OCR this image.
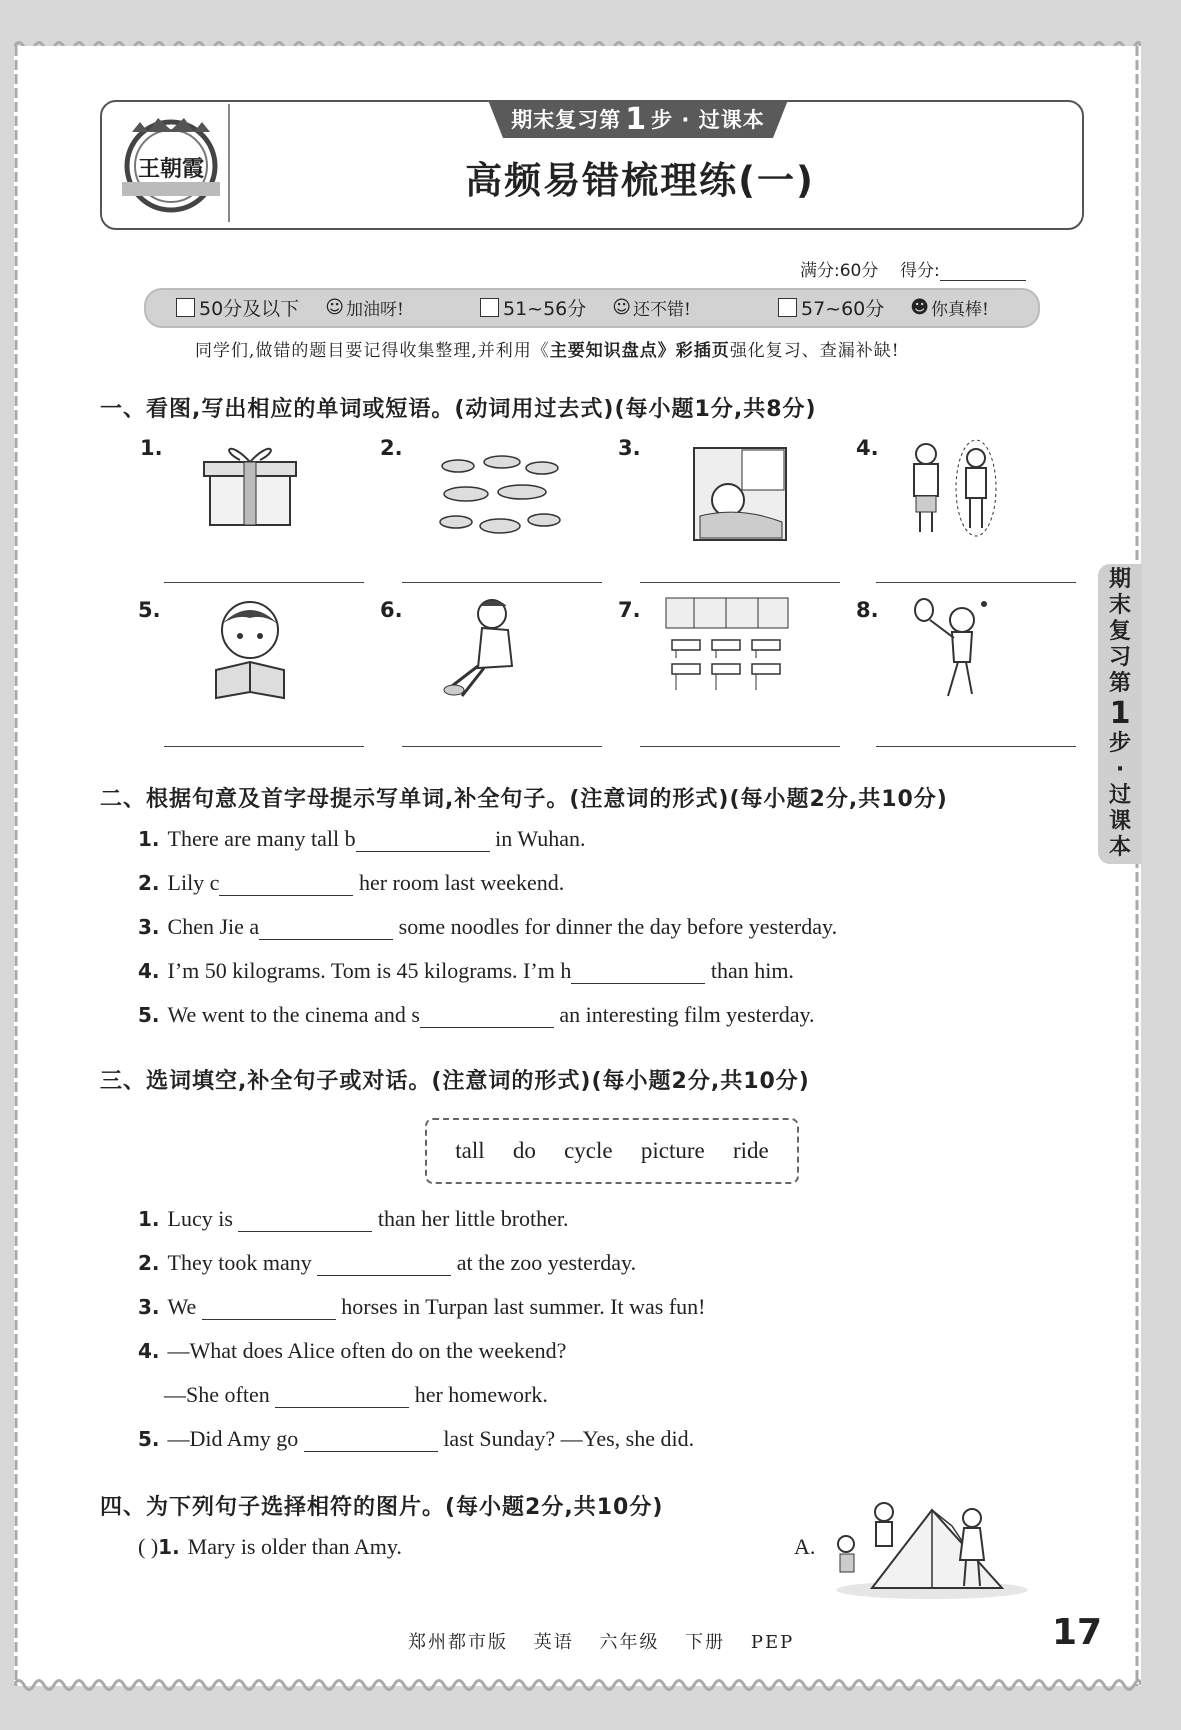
王朝霞
期末复习第 1 步 · 过课本
高频易错梳理练(一)
满分:60分 得分:
50分及以下 ☺ 加油呀!	51~56分 ☺ 还不错!	57~60分 ☻ 你真棒!
同学们,做错的题目要记得收集整理,并利用《主要知识盘点》彩插页强化复习、查漏补缺!
一、看图,写出相应的单词或短语。(动词用过去式)(每小题1分,共8分)
1.	2.	3.	4.
5.	6.	7.	8.
二、根据句意及首字母提示写单词,补全句子。(注意词的形式)(每小题2分,共10分)
1. There are many tall b	in Wuhan.
2. Lily c	her room last weekend.
3. Chen Jie a	some noodles for dinner the day before yesterday.
4. I’m 50 kilograms. Tom is 45 kilograms. I’m h	than him.
5. We went to the cinema and s	an interesting film yesterday.
三、选词填空,补全句子或对话。(注意词的形式)(每小题2分,共10分)
tall do cycle picture ride
1. Lucy is	than her little brother.
2. They took many	at the zoo yesterday.
3. We	horses in Turpan last summer. It was fun!
4. —What does Alice often do on the weekend?
—She often	her homework.
5. —Did Amy go	last Sunday? —Yes, she did.
四、为下列句子选择相符的图片。(每小题2分,共10分)
( )1. Mary is older than Amy.	A.
期
末
复
习
第
1
步
·
过
课
本
郑州都市版 英语 六年级 下册 PEP	17
